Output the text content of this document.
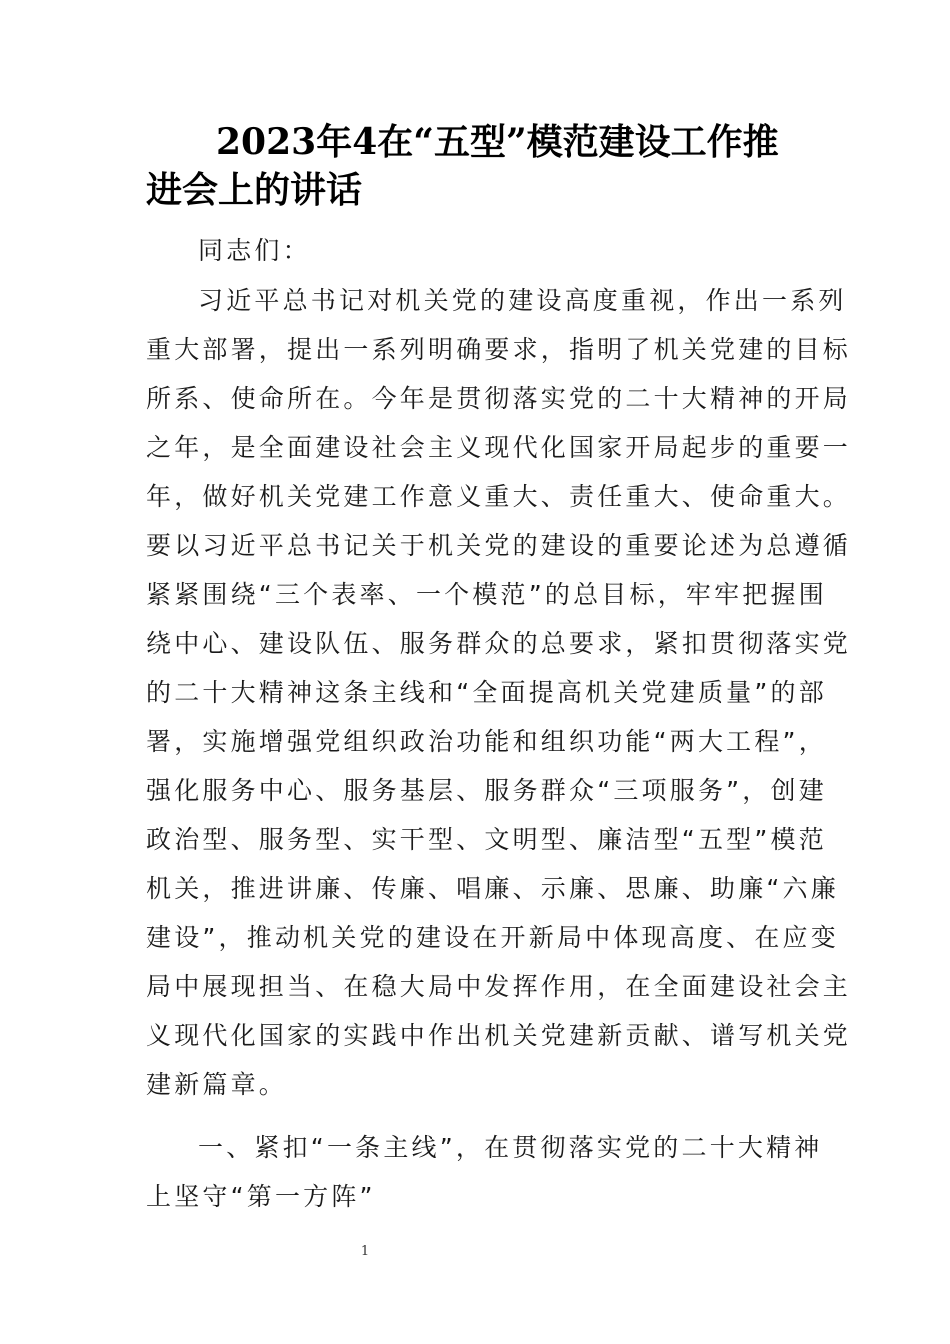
2023年4在“五型”模范建设工作推
进会上的讲话
同志们：
习近平总书记对机关党的建设高度重视，作出一系列
重大部署，提出一系列明确要求，指明了机关党建的目标
所系、使命所在。今年是贯彻落实党的二十大精神的开局
之年，是全面建设社会主义现代化国家开局起步的重要一
年，做好机关党建工作意义重大、责任重大、使命重大。
要以习近平总书记关于机关党的建设的重要论述为总遵循
紧紧围绕“三个表率、一个模范”的总目标，牢牢把握围
绕中心、建设队伍、服务群众的总要求，紧扣贯彻落实党
的二十大精神这条主线和“全面提高机关党建质量”的部
署，实施增强党组织政治功能和组织功能“两大工程”，
强化服务中心、服务基层、服务群众“三项服务”，创建
政治型、服务型、实干型、文明型、廉洁型“五型”模范
机关，推进讲廉、传廉、唱廉、示廉、思廉、助廉“六廉
建设”，推动机关党的建设在开新局中体现高度、在应变
局中展现担当、在稳大局中发挥作用，在全面建设社会主
义现代化国家的实践中作出机关党建新贡献、谱写机关党
建新篇章。
一、紧扣“一条主线”，在贯彻落实党的二十大精神
上坚守“第一方阵”
1
